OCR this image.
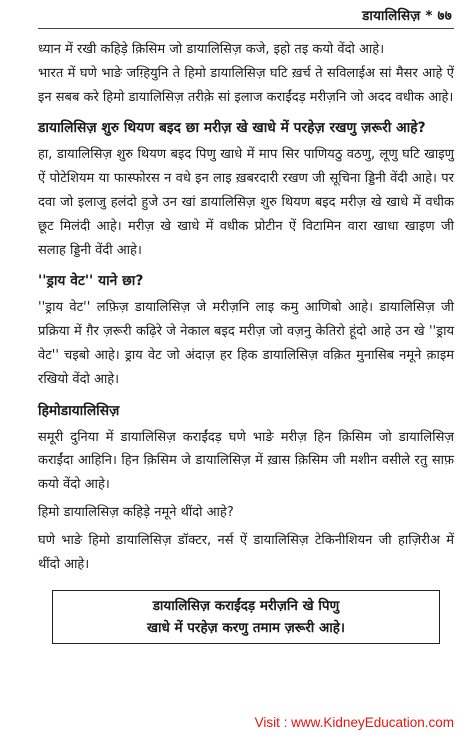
डायालिसिज़ * ७७

ध्यान में रखी कहिड़े क़िसिम जो डायालिसिज़ कजे, इहो तइ कयो वेंदो आहे।

भारत में घणे भाङे जग़्हियुनि ते हिमो डायालिसिज़ घटि ख़र्च ते सविलाईअ सां मैसर आहे ऐं इन सबब करे हिमो डायालिसिज़ तरीक़े सां इलाज कराईंदड़ मरीज़नि जो अदद वधीक आहे।

डायालिसिज़ शुरु थियण बइद छा मरीज़ खे खाधे में परहेज़ रखणु ज़रूरी आहे?

हा, डायालिसिज़ शुरु थियण बइद पिणु खाधे में माप सिर पाणियठु वठणु, लूणु घटि खाइणु ऐं पोटेशियम या फास्फोरस न वधे इन लाइ ख़बरदारी रखण जी सूचिना ड्डिनी वेंदी आहे। पर दवा जो इलाजु हलंदो हुजे उन खां डायालिसिज़ शुरु थियण बइद मरीज़ खे खाधे में वधीक छूट मिलंदी आहे। मरीज़ खे खाधे में वधीक प्रोटीन ऐं विटामिन वारा खाधा खाइण जी सलाह ड्डिनी वेंदी आहे।

''ड्राय वेट'' याने छा?

''ड्राय वेट'' लफ़िज़ डायालिसिज़ जे मरीज़नि लाइ कमु आणिबो आहे। डायालिसिज़ जी प्रक्रिया में ग़ैर ज़रूरी कढ़िरे जे नेकाल बइद मरीज़ जो वज़नु केतिरो हूंदो आहे उन खे ''ड्राय वेट'' चइबो आहे। ड्राय वेट जो अंदाज़ हर हिक डायालिसिज़ वक़ित मुनासिब नमूने क़ाइम रखियो वेंदो आहे।

हिमोडायालिसिज़

समूरी दुनिया में डायालिसिज़ कराईंदड़ घणे भाङे मरीज़ हिन क़िसिम जो डायालिसिज़ कराईंदा आहिनि। हिन क़िसिम जे डायालिसिज़ में ख़ास क़िसिम जी मशीन वसीले रतु साफ़ कयो वेंदो आहे।

हिमो डायालिसिज़ कहिड़े नमूने थींदो आहे?

घणे भाङे हिमो डायालिसिज़ डॉक्टर, नर्स ऐं डायालिसिज़ टेकिनीशियन जी हाज़िरीअ में थींदो आहे।

डायालिसिज़ कराईंदड़ मरीज़नि खे पिणु
खाधे में परहेज़ करणु तमाम ज़रूरी आहे।
Visit : www.KidneyEducation.com
